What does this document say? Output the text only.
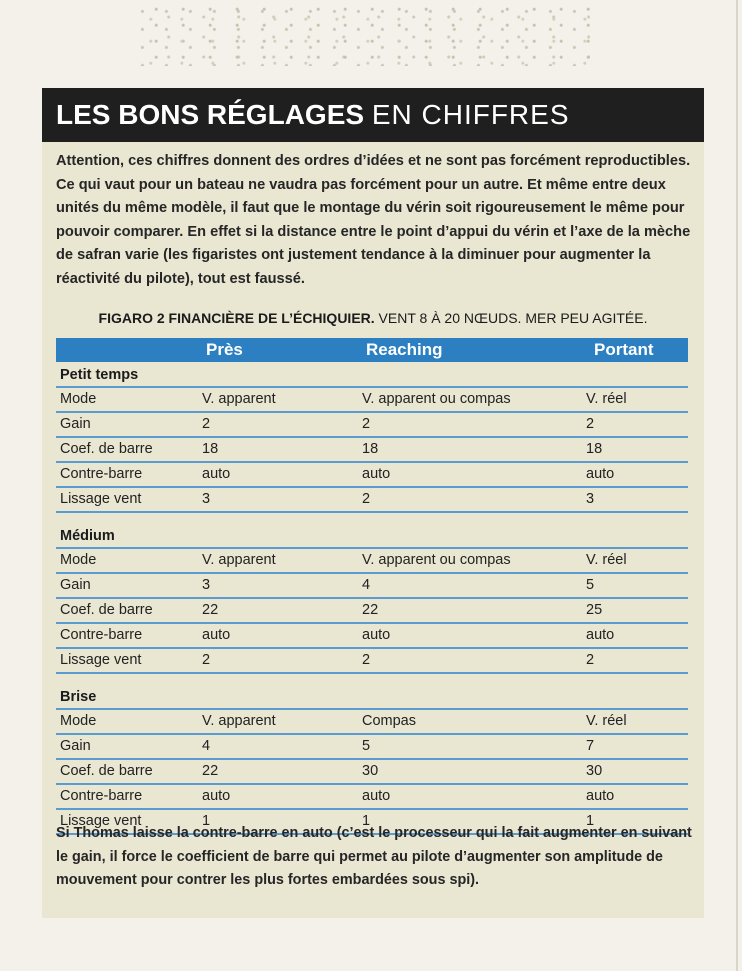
LES BONS RÉGLAGES EN CHIFFRES
Attention, ces chiffres donnent des ordres d’idées et ne sont pas forcément reproductibles. Ce qui vaut pour un bateau ne vaudra pas forcément pour un autre. Et même entre deux unités du même modèle, il faut que le montage du vérin soit rigoureusement le même pour pouvoir comparer. En effet si la distance entre le point d’appui du vérin et l’axe de la mèche de safran varie (les figaristes ont justement tendance à la diminuer pour augmenter la réactivité du pilote), tout est faussé.
FIGARO 2 FINANCIÈRE DE L’ÉCHIQUIER. VENT 8 À 20 NŒUDS. MER PEU AGITÉE.
Près	Reaching	Portant
Petit temps
Mode	V. apparent	V. apparent ou compas	V. réel
Gain	2	2	2
Coef. de barre	18	18	18
Contre-barre	auto	auto	auto
Lissage vent	3	2	3
Médium
Mode	V. apparent	V. apparent ou compas	V. réel
Gain	3	4	5
Coef. de barre	22	22	25
Contre-barre	auto	auto	auto
Lissage vent	2	2	2
Brise
Mode	V. apparent	Compas	V. réel
Gain	4	5	7
Coef. de barre	22	30	30
Contre-barre	auto	auto	auto
Lissage vent	1	1	1
Si Thomas laisse la contre-barre en auto (c’est le processeur qui la fait augmenter en suivant le gain, il force le coefficient de barre qui permet au pilote d’augmenter son amplitude de mouvement pour contrer les plus fortes embardées sous spi).
